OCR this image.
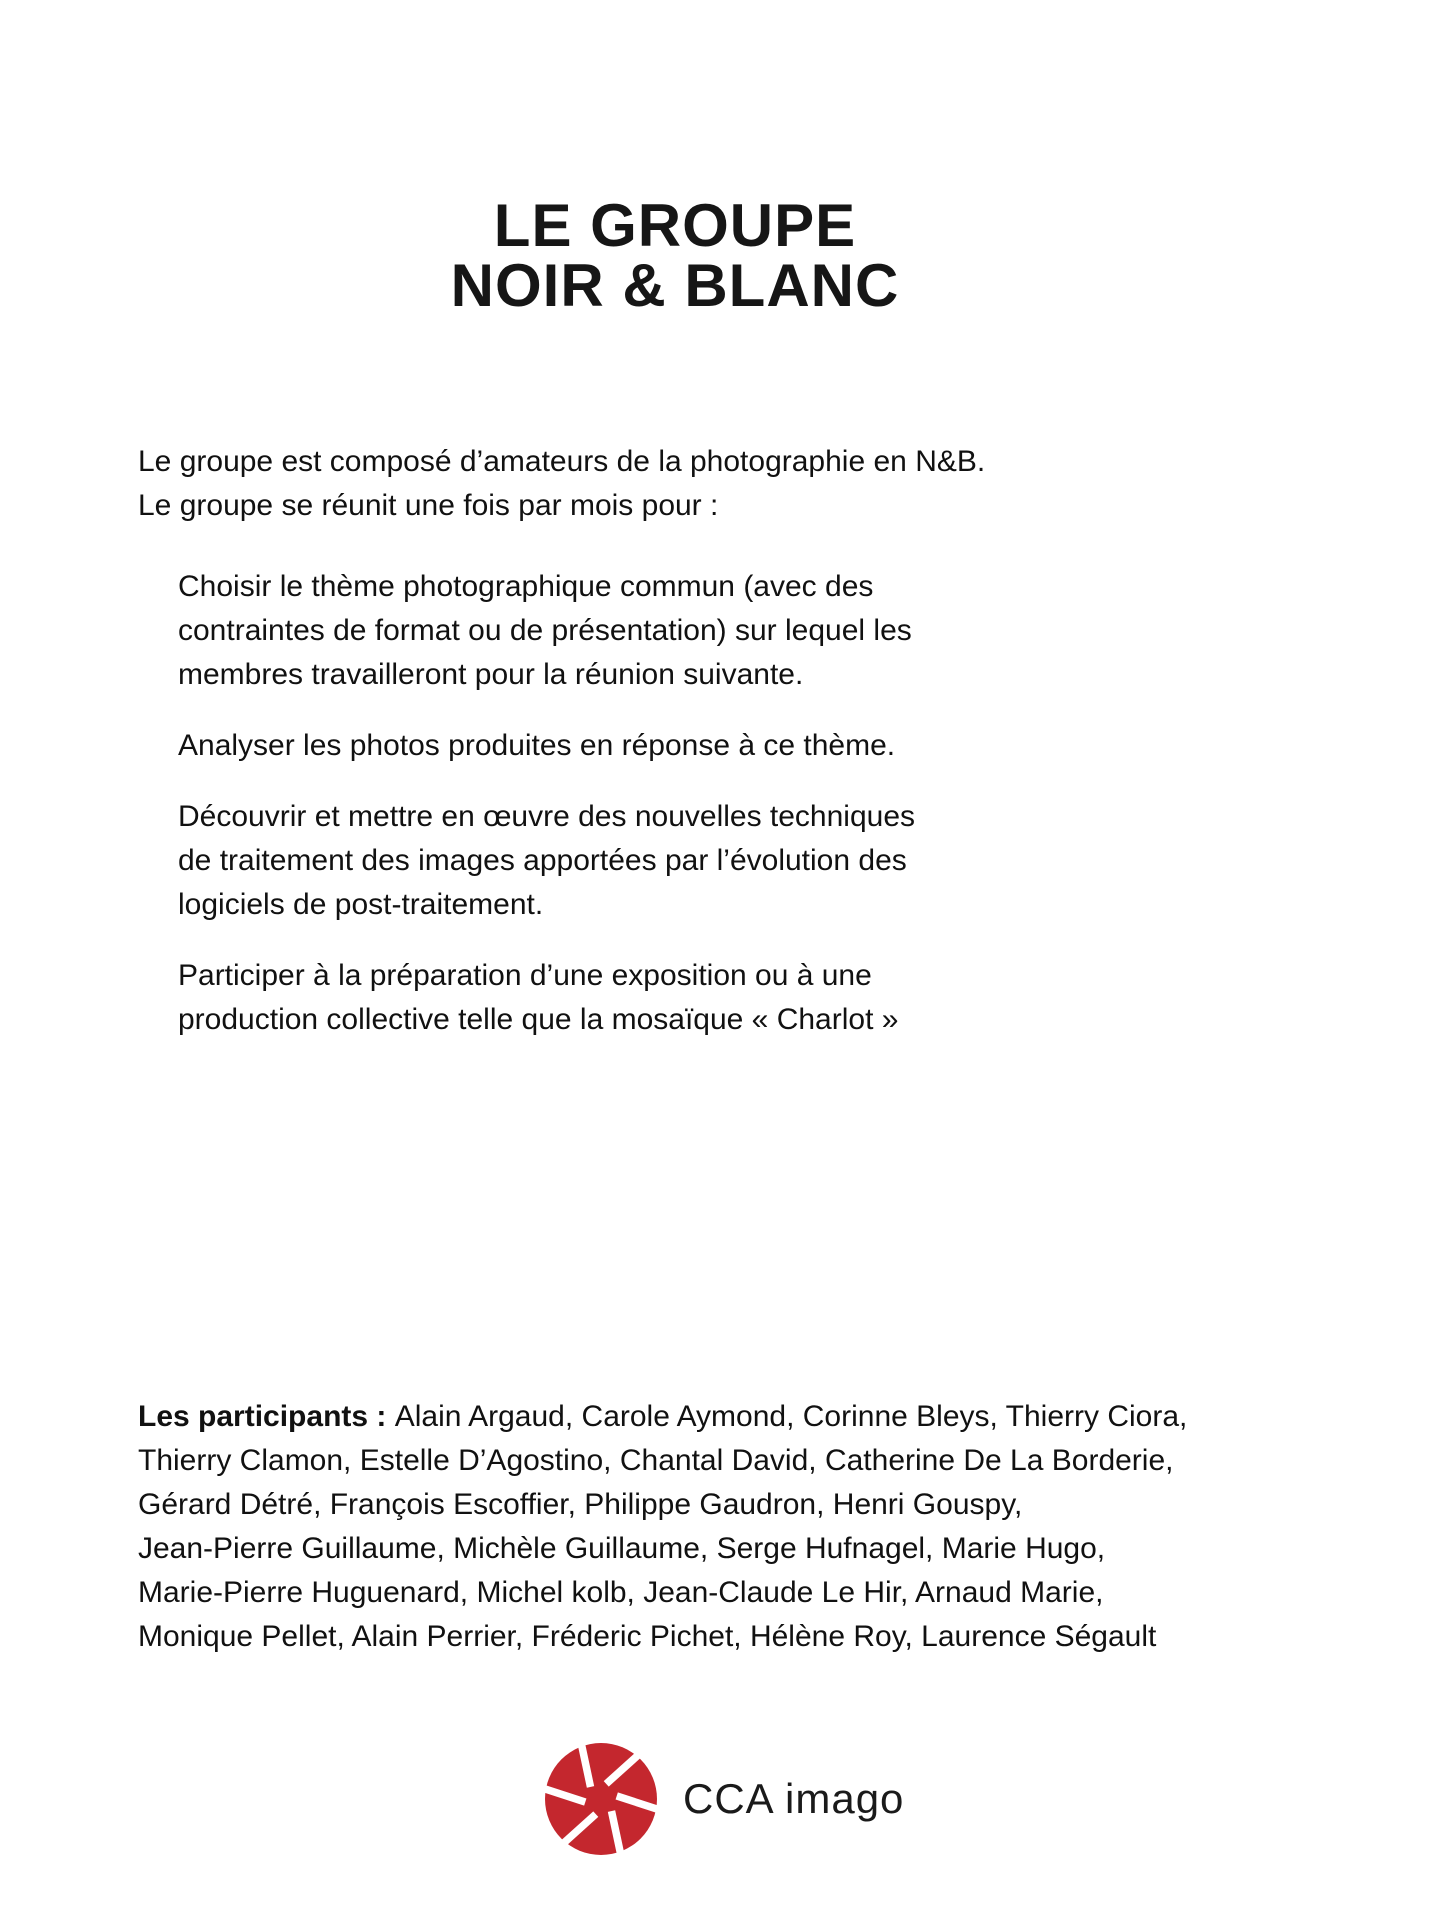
LE GROUPE
NOIR & BLANC
Le groupe est composé d’amateurs de la photographie en N&B.
Le groupe se réunit une fois par mois pour :
Choisir le thème photographique commun (avec des
contraintes de format ou de présentation) sur lequel les
membres travailleront pour la réunion suivante.
Analyser les photos produites en réponse à ce thème.
Découvrir et mettre en œuvre des nouvelles techniques
de traitement des images apportées par l’évolution des
logiciels de post-traitement.
Participer à la préparation d’une exposition ou à une
production collective telle que la mosaïque « Charlot »
Les participants : Alain Argaud, Carole Aymond, Corinne Bleys, Thierry Ciora,
Thierry Clamon, Estelle D’Agostino, Chantal David, Catherine De La Borderie,
Gérard Détré, François Escoffier, Philippe Gaudron, Henri Gouspy,
Jean-Pierre Guillaume, Michèle Guillaume, Serge Hufnagel, Marie Hugo,
Marie-Pierre Huguenard, Michel kolb, Jean-Claude Le Hir, Arnaud Marie,
Monique Pellet, Alain Perrier, Fréderic Pichet, Hélène Roy, Laurence Ségault
CCA imago
